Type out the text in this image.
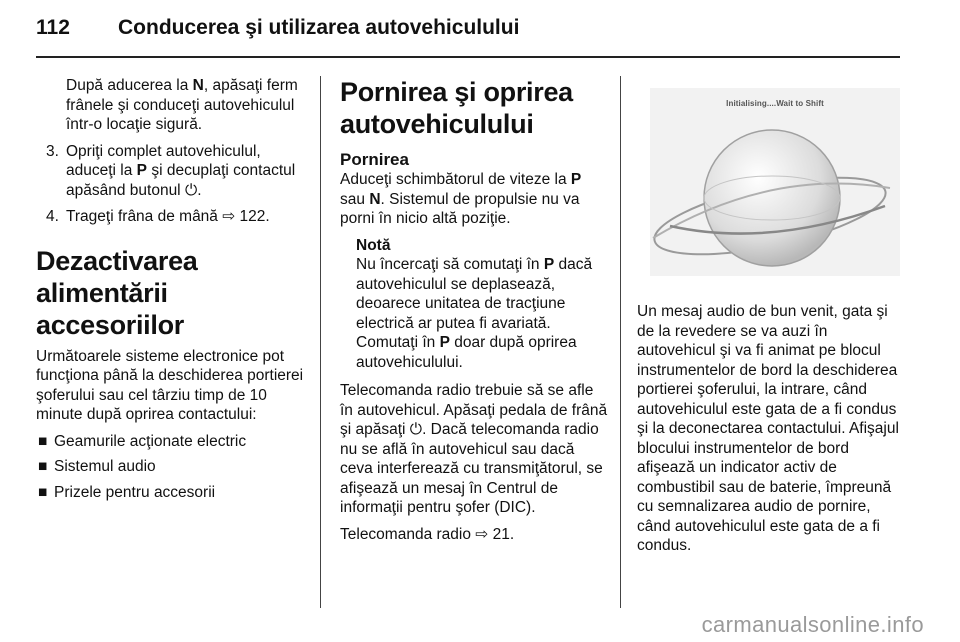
112 Conducerea şi utilizarea autovehiculului

După aducerea la N, apăsaţi ferm frânele şi conduceţi autovehiculul într-o locaţie sigură.

3. Opriţi complet autovehiculul, aduceţi la P şi decuplaţi contactul apăsând butonul ⏻.
4. Trageţi frâna de mână ⇨ 122.
Dezactivarea alimentării accesoriilor

Următoarele sisteme electronice pot funcţiona până la deschiderea portierei şoferului sau cel târziu timp de 10 minute după oprirea contactului:

■ Geamurile acţionate electric
■ Sistemul audio
■ Prizele pentru accesorii
Pornirea şi oprirea autovehiculului
Pornirea

Aduceţi schimbătorul de viteze la P sau N. Sistemul de propulsie nu va porni în nicio altă poziţie.

Notă
Nu încercaţi să comutaţi în P dacă autovehiculul se deplasează, deoarece unitatea de tracţiune electrică ar putea fi avariată. Comutaţi în P doar după oprirea autovehiculului.

Telecomanda radio trebuie să se afle în autovehicul. Apăsaţi pedala de frână şi apăsaţi ⏻. Dacă telecomanda radio nu se află în autovehicul sau dacă ceva interferează cu transmiţătorul, se afişează un mesaj în Centrul de informaţii pentru şofer (DIC).

Telecomanda radio ⇨ 21.

Initialising....Wait to Shift

Un mesaj audio de bun venit, gata şi de la revedere se va auzi în autovehicul şi va fi animat pe blocul instrumentelor de bord la deschiderea portierei şoferului, la intrare, când autovehiculul este gata de a fi condus şi la deconectarea contactului. Afişajul blocului instrumentelor de bord afişează un indicator activ de combustibil sau de baterie, împreună cu semnalizarea audio de pornire, când autovehiculul este gata de a fi condus.

carmanualsonline.info
